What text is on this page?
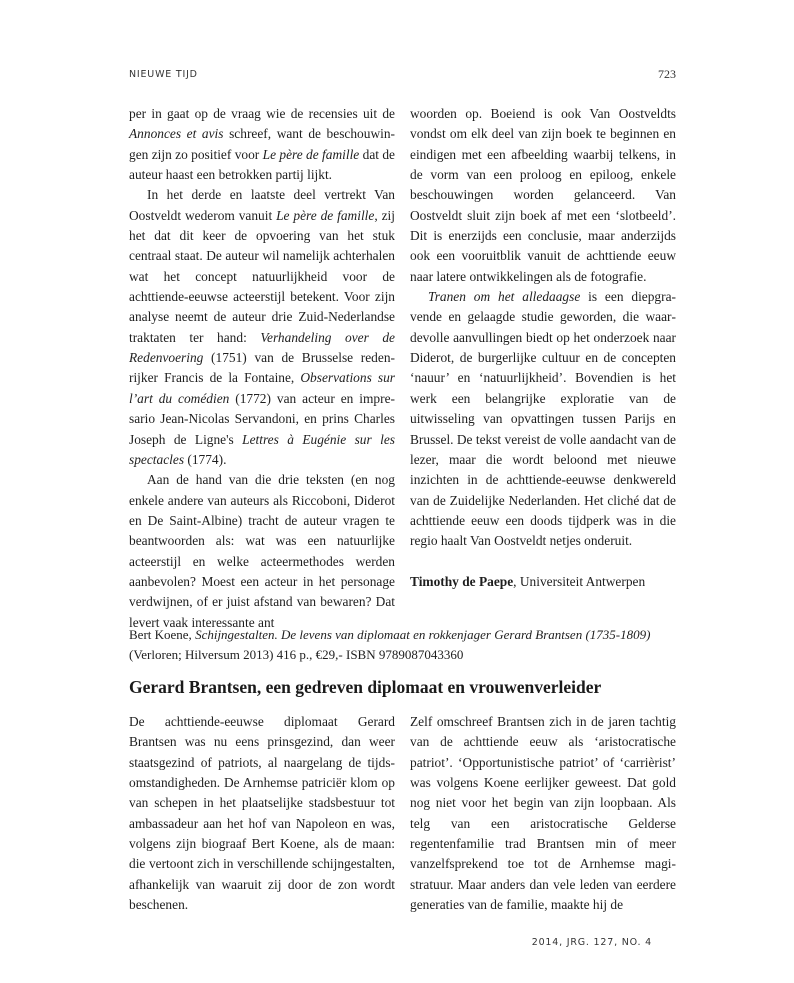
NIEUWE TIJD	723

per in gaat op de vraag wie de recensies uit de Annonces et avis schreef, want de beschouwingen zijn zo positief voor Le père de famille dat de auteur haast een betrokken partij lijkt.

In het derde en laatste deel vertrekt Van Oostveldt wederom vanuit Le père de famille, zij het dat dit keer de opvoering van het stuk centraal staat. De auteur wil namelijk achterhalen wat het concept natuurlijkheid voor de achttiende-eeuwse acteerstijl betekent. Voor zijn analyse neemt de auteur drie Zuid-Nederlandse traktaten ter hand: Verhandeling over de Redenvoering (1751) van de Brusselse redenrijker Francis de la Fontaine, Observations sur l’art du comédien (1772) van acteur en impresario Jean-Nicolas Servandoni, en prins Charles Joseph de Ligne's Lettres à Eugénie sur les spectacles (1774).

Aan de hand van die drie teksten (en nog enkele andere van auteurs als Riccoboni, Diderot en De Saint-Albine) tracht de auteur vragen te beantwoorden als: wat was een natuurlijke acteerstijl en welke acteermethodes werden aanbevolen? Moest een acteur in het personage verdwijnen, of er juist afstand van bewaren? Dat levert vaak interessante ant

woorden op. Boeiend is ook Van Oostveldts vondst om elk deel van zijn boek te beginnen en eindigen met een afbeelding waarbij telkens, in de vorm van een proloog en epiloog, enkele beschouwingen worden gelanceerd. Van Oostveldt sluit zijn boek af met een ‘slotbeeld’. Dit is enerzijds een conclusie, maar anderzijds ook een vooruitblik vanuit de achttiende eeuw naar latere ontwikkelingen als de fotografie.

Tranen om het alledaagse is een diepgravende en gelaagde studie geworden, die waardevolle aanvullingen biedt op het onderzoek naar Diderot, de burgerlijke cultuur en de concepten ‘nauur’ en ‘natuurlijkheid’. Bovendien is het werk een belangrijke exploratie van de uitwisseling van opvattingen tussen Parijs en Brussel. De tekst vereist de volle aandacht van de lezer, maar die wordt beloond met nieuwe inzichten in de achttiende-eeuwse denkwereld van de Zuidelijke Nederlanden. Het cliché dat de achttiende eeuw een doods tijdperk was in die regio haalt Van Oostveldt netjes onderuit.

Timothy de Paepe, Universiteit Antwerpen

Bert Koene, Schijngestalten. De levens van diplomaat en rokkenjager Gerard Brantsen (1735-1809)

(Verloren; Hilversum 2013) 416 p., €29,- ISBN 9789087043360

Gerard Brantsen, een gedreven diplomaat en vrouwenverleider

De achttiende-eeuwse diplomaat Gerard Brantsen was nu eens prinsgezind, dan weer staatsgezind of patriots, al naargelang de tijdsomstandigheden. De Arnhemse patriciër klom op van schepen in het plaatselijke stadsbestuur tot ambassadeur aan het hof van Napoleon en was, volgens zijn biograaf Bert Koene, als de maan: die vertoont zich in verschillende schijngestalten, afhankelijk van waaruit zij door de zon wordt beschenen.

Zelf omschreef Brantsen zich in de jaren tachtig van de achttiende eeuw als ‘aristocratische patriot’. ‘Opportunistische patriot’ of ‘carrièrist’ was volgens Koene eerlijker geweest. Dat gold nog niet voor het begin van zijn loopbaan. Als telg van een aristocratische Gelderse regentenfamilie trad Brantsen min of meer vanzelfsprekend toe tot de Arnhemse magistratuur. Maar anders dan vele leden van eerdere generaties van de familie, maakte hij de

2014, JRG. 127, NO. 4
